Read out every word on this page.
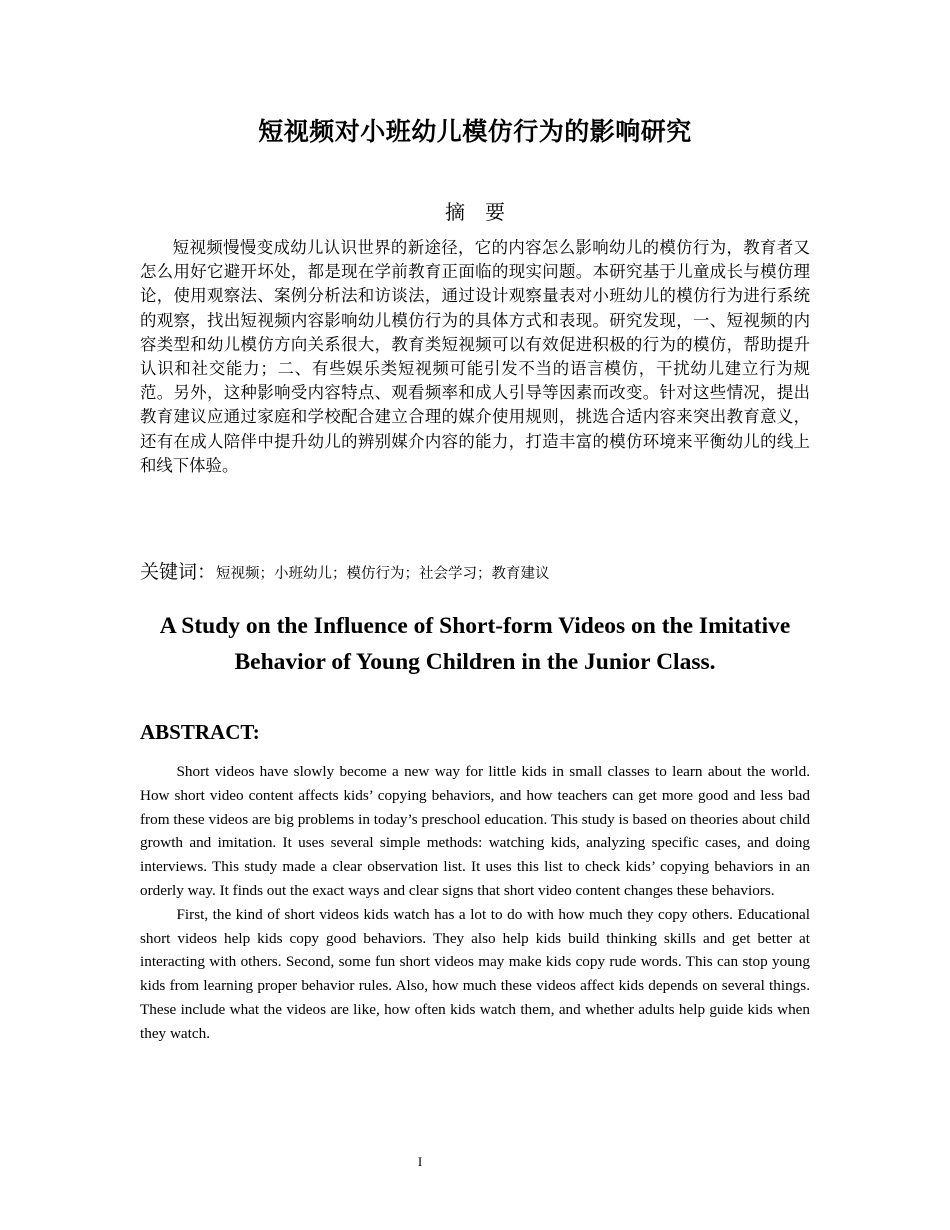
短视频对小班幼儿模仿行为的影响研究
摘　要
短视频慢慢变成幼儿认识世界的新途径，它的内容怎么影响幼儿的模仿行为，教育者又怎么用好它避开坏处，都是现在学前教育正面临的现实问题。本研究基于儿童成长与模仿理论，使用观察法、案例分析法和访谈法，通过设计观察量表对小班幼儿的模仿行为进行系统的观察，找出短视频内容影响幼儿模仿行为的具体方式和表现。研究发现，一、短视频的内容类型和幼儿模仿方向关系很大，教育类短视频可以有效促进积极的行为的模仿，帮助提升认识和社交能力；二、有些娱乐类短视频可能引发不当的语言模仿，干扰幼儿建立行为规范。另外，这种影响受内容特点、观看频率和成人引导等因素而改变。针对这些情况，提出教育建议应通过家庭和学校配合建立合理的媒介使用规则，挑选合适内容来突出教育意义，还有在成人陪伴中提升幼儿的辨别媒介内容的能力，打造丰富的模仿环境来平衡幼儿的线上和线下体验。
关键词：短视频；小班幼儿；模仿行为；社会学习；教育建议
A Study on the Influence of Short-form Videos on the Imitative Behavior of Young Children in the Junior Class.
ABSTRACT:

Short videos have slowly become a new way for little kids in small classes to learn about the world. How short video content affects kids’ copying behaviors, and how teachers can get more good and less bad from these videos are big problems in today’s preschool education. This study is based on theories about child growth and imitation. It uses several simple methods: watching kids, analyzing specific cases, and doing interviews. This study made a clear observation list. It uses this list to check kids’ copying behaviors in an orderly way. It finds out the exact ways and clear signs that short video content changes these behaviors.

First, the kind of short videos kids watch has a lot to do with how much they copy others. Educational short videos help kids copy good behaviors. They also help kids build thinking skills and get better at interacting with others. Second, some fun short videos may make kids copy rude words. This can stop young kids from learning proper behavior rules. Also, how much these videos affect kids depends on several things. These include what the videos are like, how often kids watch them, and whether adults help guide kids when they watch.

I
